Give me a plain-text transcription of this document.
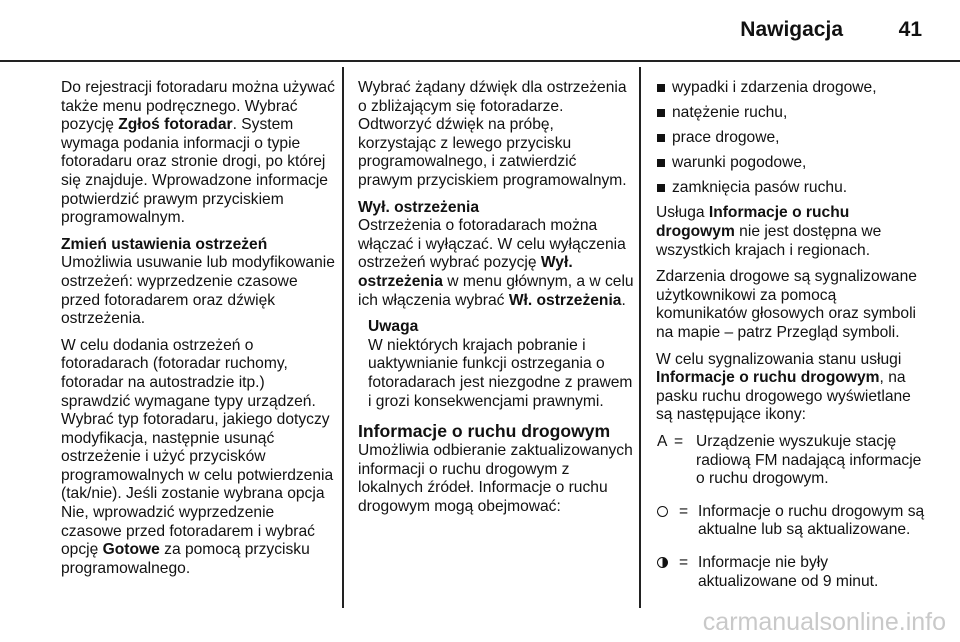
Nawigacja	41

Do rejestracji fotoradaru można używać także menu podręcznego. Wybrać pozycję Zgłoś fotoradar. System wymaga podania informacji o typie fotoradaru oraz stronie drogi, po której się znajduje. Wprowadzone informacje potwierdzić prawym przyciskiem programowalnym.

Zmień ustawienia ostrzeżeń

Umożliwia usuwanie lub modyfikowanie ostrzeżeń: wyprzedzenie czasowe przed fotoradarem oraz dźwięk ostrzeżenia.

W celu dodania ostrzeżeń o fotoradarach (fotoradar ruchomy, fotoradar na autostradzie itp.) sprawdzić wymagane typy urządzeń. Wybrać typ fotoradaru, jakiego dotyczy modyfikacja, następnie usunąć ostrzeżenie i użyć przycisków programowalnych w celu potwierdzenia (tak/nie). Jeśli zostanie wybrana opcja Nie, wprowadzić wyprzedzenie czasowe przed fotoradarem i wybrać opcję Gotowe za pomocą przycisku programowalnego.

Wybrać żądany dźwięk dla ostrzeżenia o zbliżającym się fotoradarze. Odtworzyć dźwięk na próbę, korzystając z lewego przycisku programowalnego, i zatwierdzić prawym przyciskiem programowalnym.

Wył. ostrzeżenia

Ostrzeżenia o fotoradarach można włączać i wyłączać. W celu wyłączenia ostrzeżeń wybrać pozycję Wył. ostrzeżenia w menu głównym, a w celu ich włączenia wybrać Wł. ostrzeżenia.

Uwaga
W niektórych krajach pobranie i uaktywnianie funkcji ostrzegania o fotoradarach jest niezgodne z prawem i grozi konsekwencjami prawnymi.
Informacje o ruchu drogowym

Umożliwia odbieranie zaktualizowanych informacji o ruchu drogowym z lokalnych źródeł. Informacje o ruchu drogowym mogą obejmować:

wypadki i zdarzenia drogowe,
natężenie ruchu,
prace drogowe,
warunki pogodowe,
zamknięcia pasów ruchu.

Usługa Informacje o ruchu drogowym nie jest dostępna we wszystkich krajach i regionach.

Zdarzenia drogowe są sygnalizowane użytkownikowi za pomocą komunikatów głosowych oraz symboli na mapie – patrz Przegląd symboli.

W celu sygnalizowania stanu usługi Informacje o ruchu drogowym, na pasku ruchu drogowego wyświetlane są następujące ikony:

A = Urządzenie wyszukuje stację radiową FM nadającą informacje o ruchu drogowym.
= Informacje o ruchu drogowym są aktualne lub są aktualizowane.
= Informacje nie były aktualizowane od 9 minut.
carmanualsonline.info
